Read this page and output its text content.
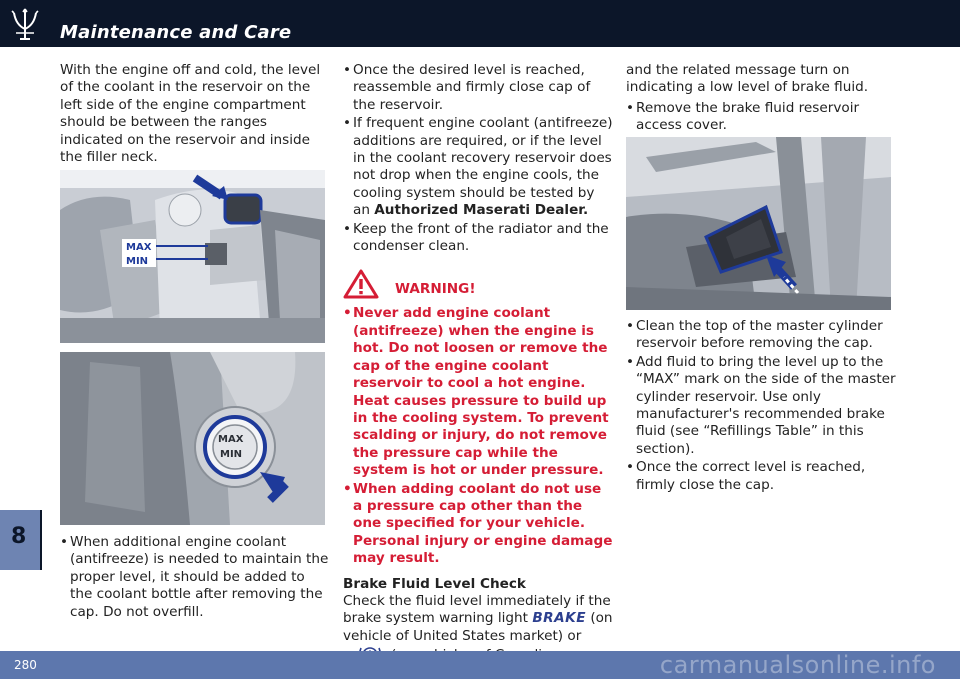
Maintenance and Care
8

With the engine off and cold, the level of the coolant in the reservoir on the left side of the engine compartment should be between the ranges indicated on the reservoir and inside the filler neck.

MAX
MIN
MAX
MIN

• When additional engine coolant (antifreeze) is needed to maintain the proper level, it should be added to the coolant bottle after removing the cap. Do not overfill.

• Once the desired level is reached, reassemble and firmly close cap of the reservoir.

• If frequent engine coolant (antifreeze) additions are required, or if the level in the coolant recovery reservoir does not drop when the engine cools, the cooling system should be tested by an Authorized Maserati Dealer.

• Keep the front of the radiator and the condenser clean.

WARNING!

• Never add engine coolant (antifreeze) when the engine is hot. Do not loosen or remove the cap of the engine coolant reservoir to cool a hot engine. Heat causes pressure to build up in the cooling system. To prevent scalding or injury, do not remove the pressure cap while the system is hot or under pressure.

• When adding coolant do not use a pressure cap other than the one specified for your vehicle. Personal injury or engine damage may result.

Brake Fluid Level Check

Check the fluid level immediately if the brake system warning light BRAKE (on vehicle of United States market) or

and the related message turn on indicating a low level of brake fluid.

• Remove the brake fluid reservoir access cover.

• Clean the top of the master cylinder reservoir before removing the cap.

• Add fluid to bring the level up to the “MAX” mark on the side of the master cylinder reservoir. Use only manufacturer's recommended brake fluid (see “Refillings Table” in this section).

• Once the correct level is reached, firmly close the cap.

280	carmanualsonline.info
